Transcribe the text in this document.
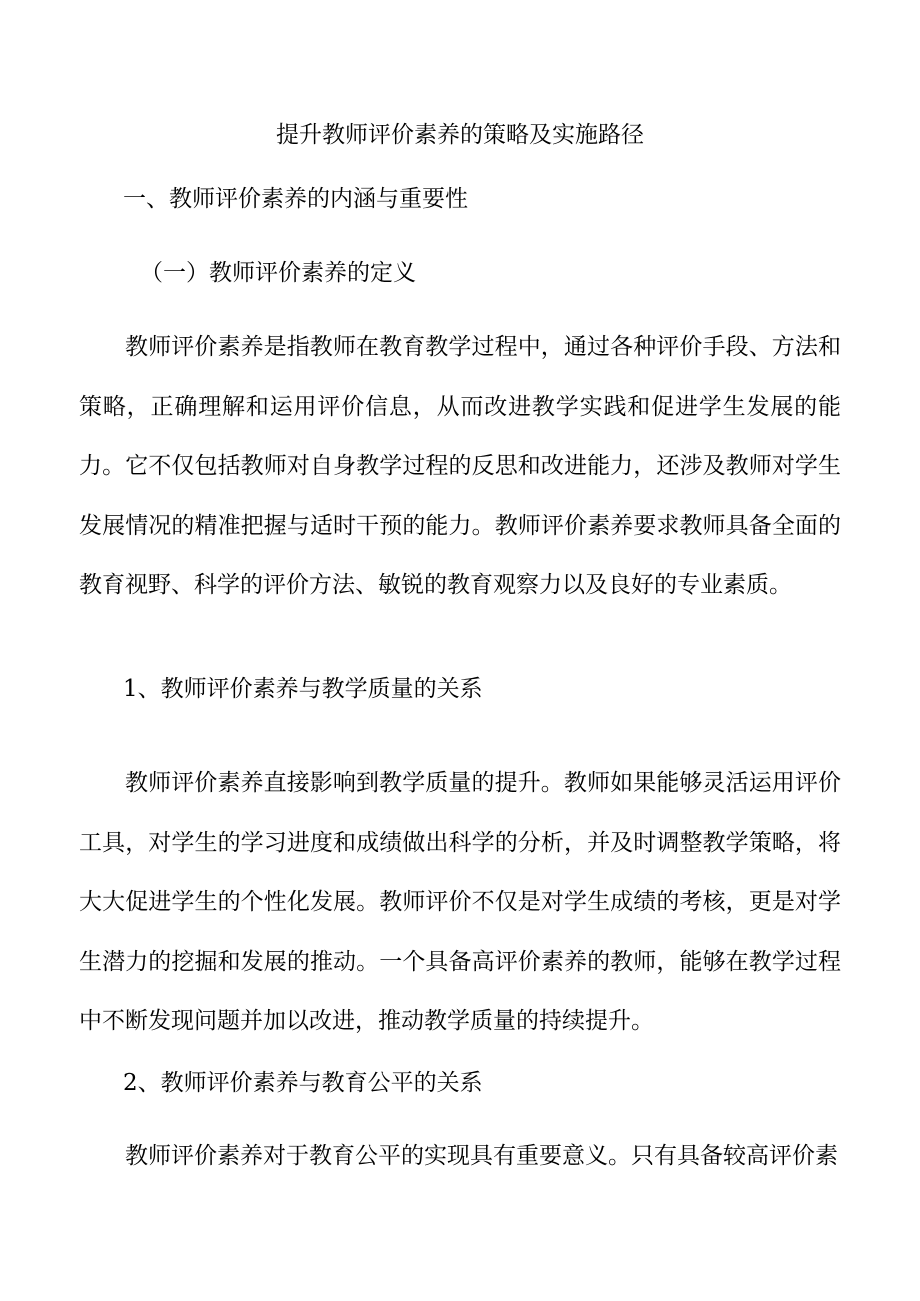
提升教师评价素养的策略及实施路径
一、教师评价素养的内涵与重要性
（一）教师评价素养的定义

教师评价素养是指教师在教育教学过程中，通过各种评价手段、方法和策略，正确理解和运用评价信息，从而改进教学实践和促进学生发展的能力。它不仅包括教师对自身教学过程的反思和改进能力，还涉及教师对学生发展情况的精准把握与适时干预的能力。教师评价素养要求教师具备全面的教育视野、科学的评价方法、敏锐的教育观察力以及良好的专业素质。

1、教师评价素养与教学质量的关系

教师评价素养直接影响到教学质量的提升。教师如果能够灵活运用评价工具，对学生的学习进度和成绩做出科学的分析，并及时调整教学策略，将大大促进学生的个性化发展。教师评价不仅是对学生成绩的考核，更是对学生潜力的挖掘和发展的推动。一个具备高评价素养的教师，能够在教学过程中不断发现问题并加以改进，推动教学质量的持续提升。

2、教师评价素养与教育公平的关系

教师评价素养对于教育公平的实现具有重要意义。只有具备较高评价素
